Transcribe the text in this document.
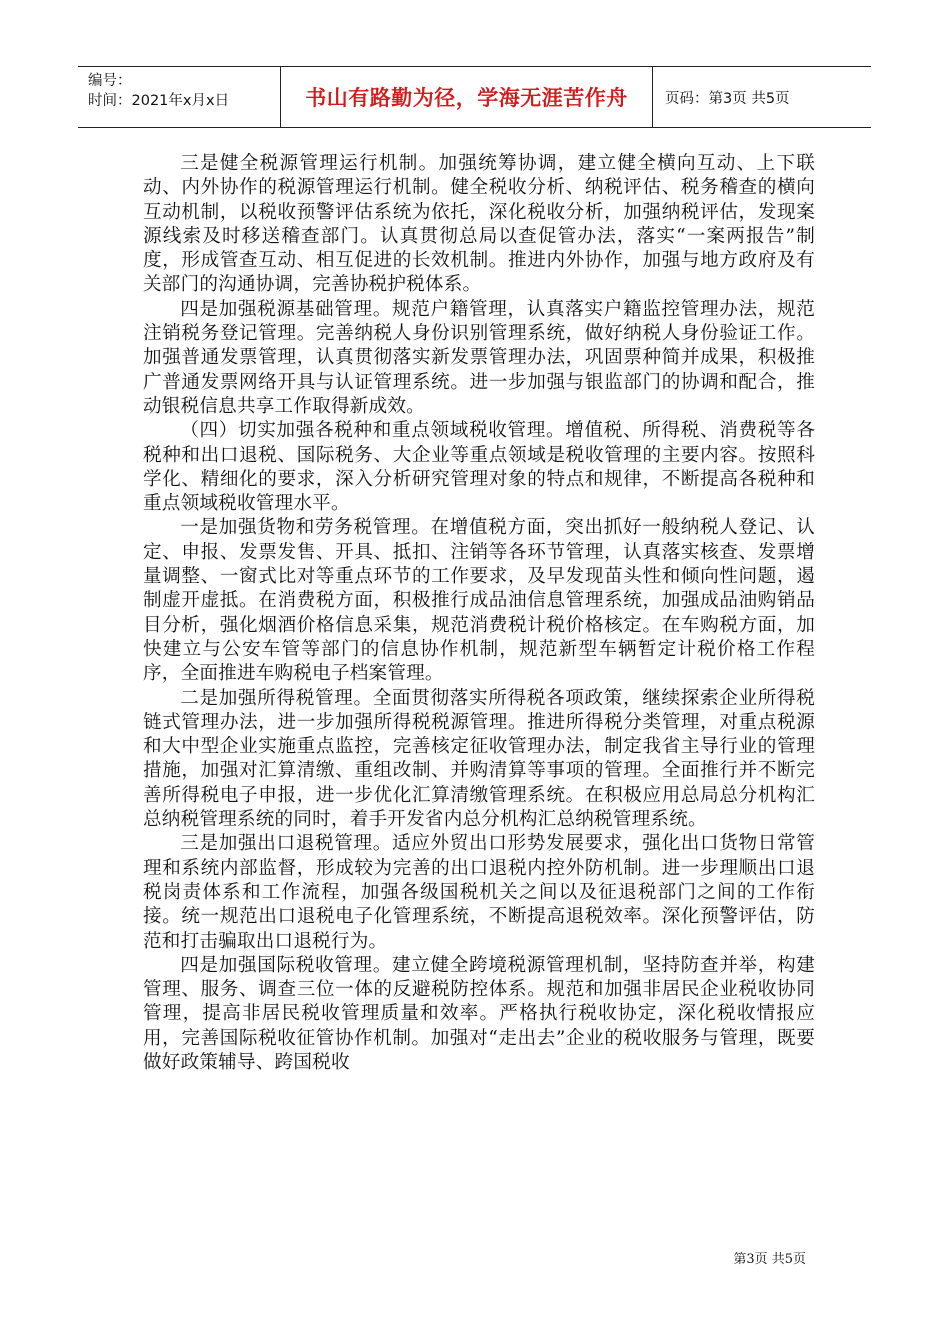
编号：
时间：2021年x月x日	书山有路勤为径，学海无涯苦作舟	页码：第3页 共5页

三是健全税源管理运行机制。加强统筹协调，建立健全横向互动、上下联动、内外协作的税源管理运行机制。健全税收分析、纳税评估、税务稽查的横向互动机制，以税收预警评估系统为依托，深化税收分析，加强纳税评估，发现案源线索及时移送稽查部门。认真贯彻总局以查促管办法，落实“一案两报告”制度，形成管查互动、相互促进的长效机制。推进内外协作，加强与地方政府及有关部门的沟通协调，完善协税护税体系。

四是加强税源基础管理。规范户籍管理，认真落实户籍监控管理办法，规范注销税务登记管理。完善纳税人身份识别管理系统，做好纳税人身份验证工作。加强普通发票管理，认真贯彻落实新发票管理办法，巩固票种简并成果，积极推广普通发票网络开具与认证管理系统。进一步加强与银监部门的协调和配合，推动银税信息共享工作取得新成效。

（四）切实加强各税种和重点领域税收管理。增值税、所得税、消费税等各税种和出口退税、国际税务、大企业等重点领域是税收管理的主要内容。按照科学化、精细化的要求，深入分析研究管理对象的特点和规律，不断提高各税种和重点领域税收管理水平。

一是加强货物和劳务税管理。在增值税方面，突出抓好一般纳税人登记、认定、申报、发票发售、开具、抵扣、注销等各环节管理，认真落实核查、发票增量调整、一窗式比对等重点环节的工作要求，及早发现苗头性和倾向性问题，遏制虚开虚抵。在消费税方面，积极推行成品油信息管理系统，加强成品油购销品目分析，强化烟酒价格信息采集，规范消费税计税价格核定。在车购税方面，加快建立与公安车管等部门的信息协作机制，规范新型车辆暂定计税价格工作程序，全面推进车购税电子档案管理。

二是加强所得税管理。全面贯彻落实所得税各项政策，继续探索企业所得税链式管理办法，进一步加强所得税税源管理。推进所得税分类管理，对重点税源和大中型企业实施重点监控，完善核定征收管理办法，制定我省主导行业的管理措施，加强对汇算清缴、重组改制、并购清算等事项的管理。全面推行并不断完善所得税电子申报，进一步优化汇算清缴管理系统。在积极应用总局总分机构汇总纳税管理系统的同时，着手开发省内总分机构汇总纳税管理系统。

三是加强出口退税管理。适应外贸出口形势发展要求，强化出口货物日常管理和系统内部监督，形成较为完善的出口退税内控外防机制。进一步理顺出口退税岗责体系和工作流程，加强各级国税机关之间以及征退税部门之间的工作衔接。统一规范出口退税电子化管理系统，不断提高退税效率。深化预警评估，防范和打击骗取出口退税行为。

四是加强国际税收管理。建立健全跨境税源管理机制，坚持防查并举，构建管理、服务、调查三位一体的反避税防控体系。规范和加强非居民企业税收协同管理，提高非居民税收管理质量和效率。严格执行税收协定，深化税收情报应用，完善国际税收征管协作机制。加强对“走出去”企业的税收服务与管理，既要做好政策辅导、跨国税收

第3页 共5页
